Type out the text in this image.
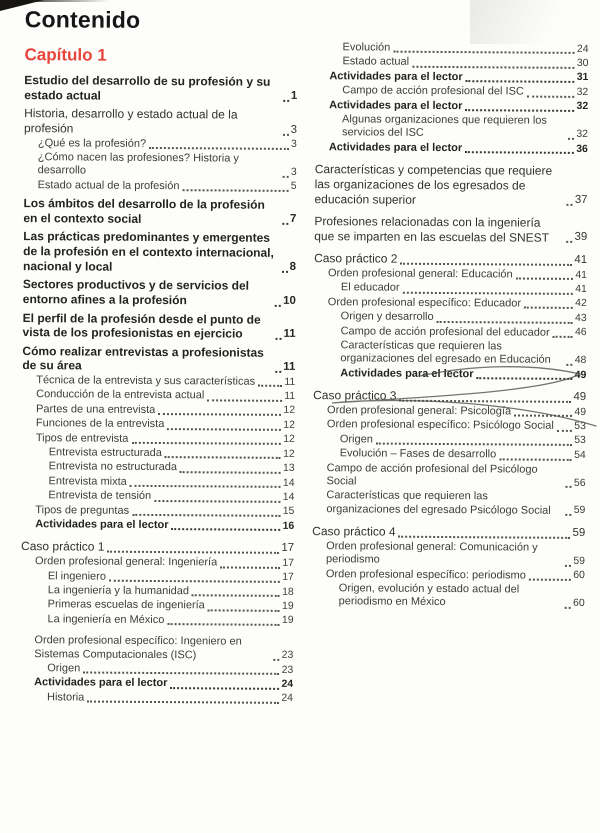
Contenido
Capítulo 1
Estudio del desarrollo de su profesión y su estado actual	1
Historia, desarrollo y estado actual de la profesión	3
¿Qué es la profesión?	3
¿Cómo nacen las profesiones? Historia y desarrollo	3
Estado actual de la profesión	5
Los ámbitos del desarrollo de la profesión en el contexto social	7
Las prácticas predominantes y emergentes de la profesión en el contexto internacional, nacional y local	8
Sectores productivos y de servicios del entorno afines a la profesión	10
El perfil de la profesión desde el punto de vista de los profesionistas en ejercicio	11
Cómo realizar entrevistas a profesionistas de su área	11
Técnica de la entrevista y sus características	11
Conducción de la entrevista actual	11
Partes de una entrevista	12
Funciones de la entrevista	12
Tipos de entrevista	12
Entrevista estructurada	12
Entrevista no estructurada	13
Entrevista mixta	14
Entrevista de tensión	14
Tipos de preguntas	15
Actividades para el lector	16
Caso práctico 1	17
Orden profesional general: Ingeniería	17
El ingeniero	17
La ingeniería y la humanidad	18
Primeras escuelas de ingeniería	19
La ingeniería en México	19
Orden profesional específico: Ingeniero en Sistemas Computacionales (ISC)	23
Origen	23
Actividades para el lector	24
Historia	24
Evolución	24
Estado actual	30
Actividades para el lector	31
Campo de acción profesional del ISC	32
Actividades para el lector	32
Algunas organizaciones que requieren los servicios del ISC	32
Actividades para el lector	36
Características y competencias que requiere las organizaciones de los egresados de educación superior	37
Profesiones relacionadas con la ingeniería que se imparten en las escuelas del SNEST	39
Caso práctico 2	41
Orden profesional general: Educación	41
El educador	41
Orden profesional específico: Educador	42
Origen y desarrollo	43
Campo de acción profesional del educador 46
Características que requieren las organizaciones del egresado en Educación	48
Actividades para el lector	49
Caso práctico 3	49
Orden profesional general: Psicología	49
Orden profesional específico: Psicólogo Social 53
Origen	53
Evolución – Fases de desarrollo	54
Campo de acción profesional del Psicólogo Social	56
Características que requieren las organizaciones del egresado Psicólogo Social	59
Caso práctico 4	59
Orden profesional general: Comunicación y periodismo	59
Orden profesional específico: periodismo	60
Origen, evolución y estado actual del periodismo en México	60
